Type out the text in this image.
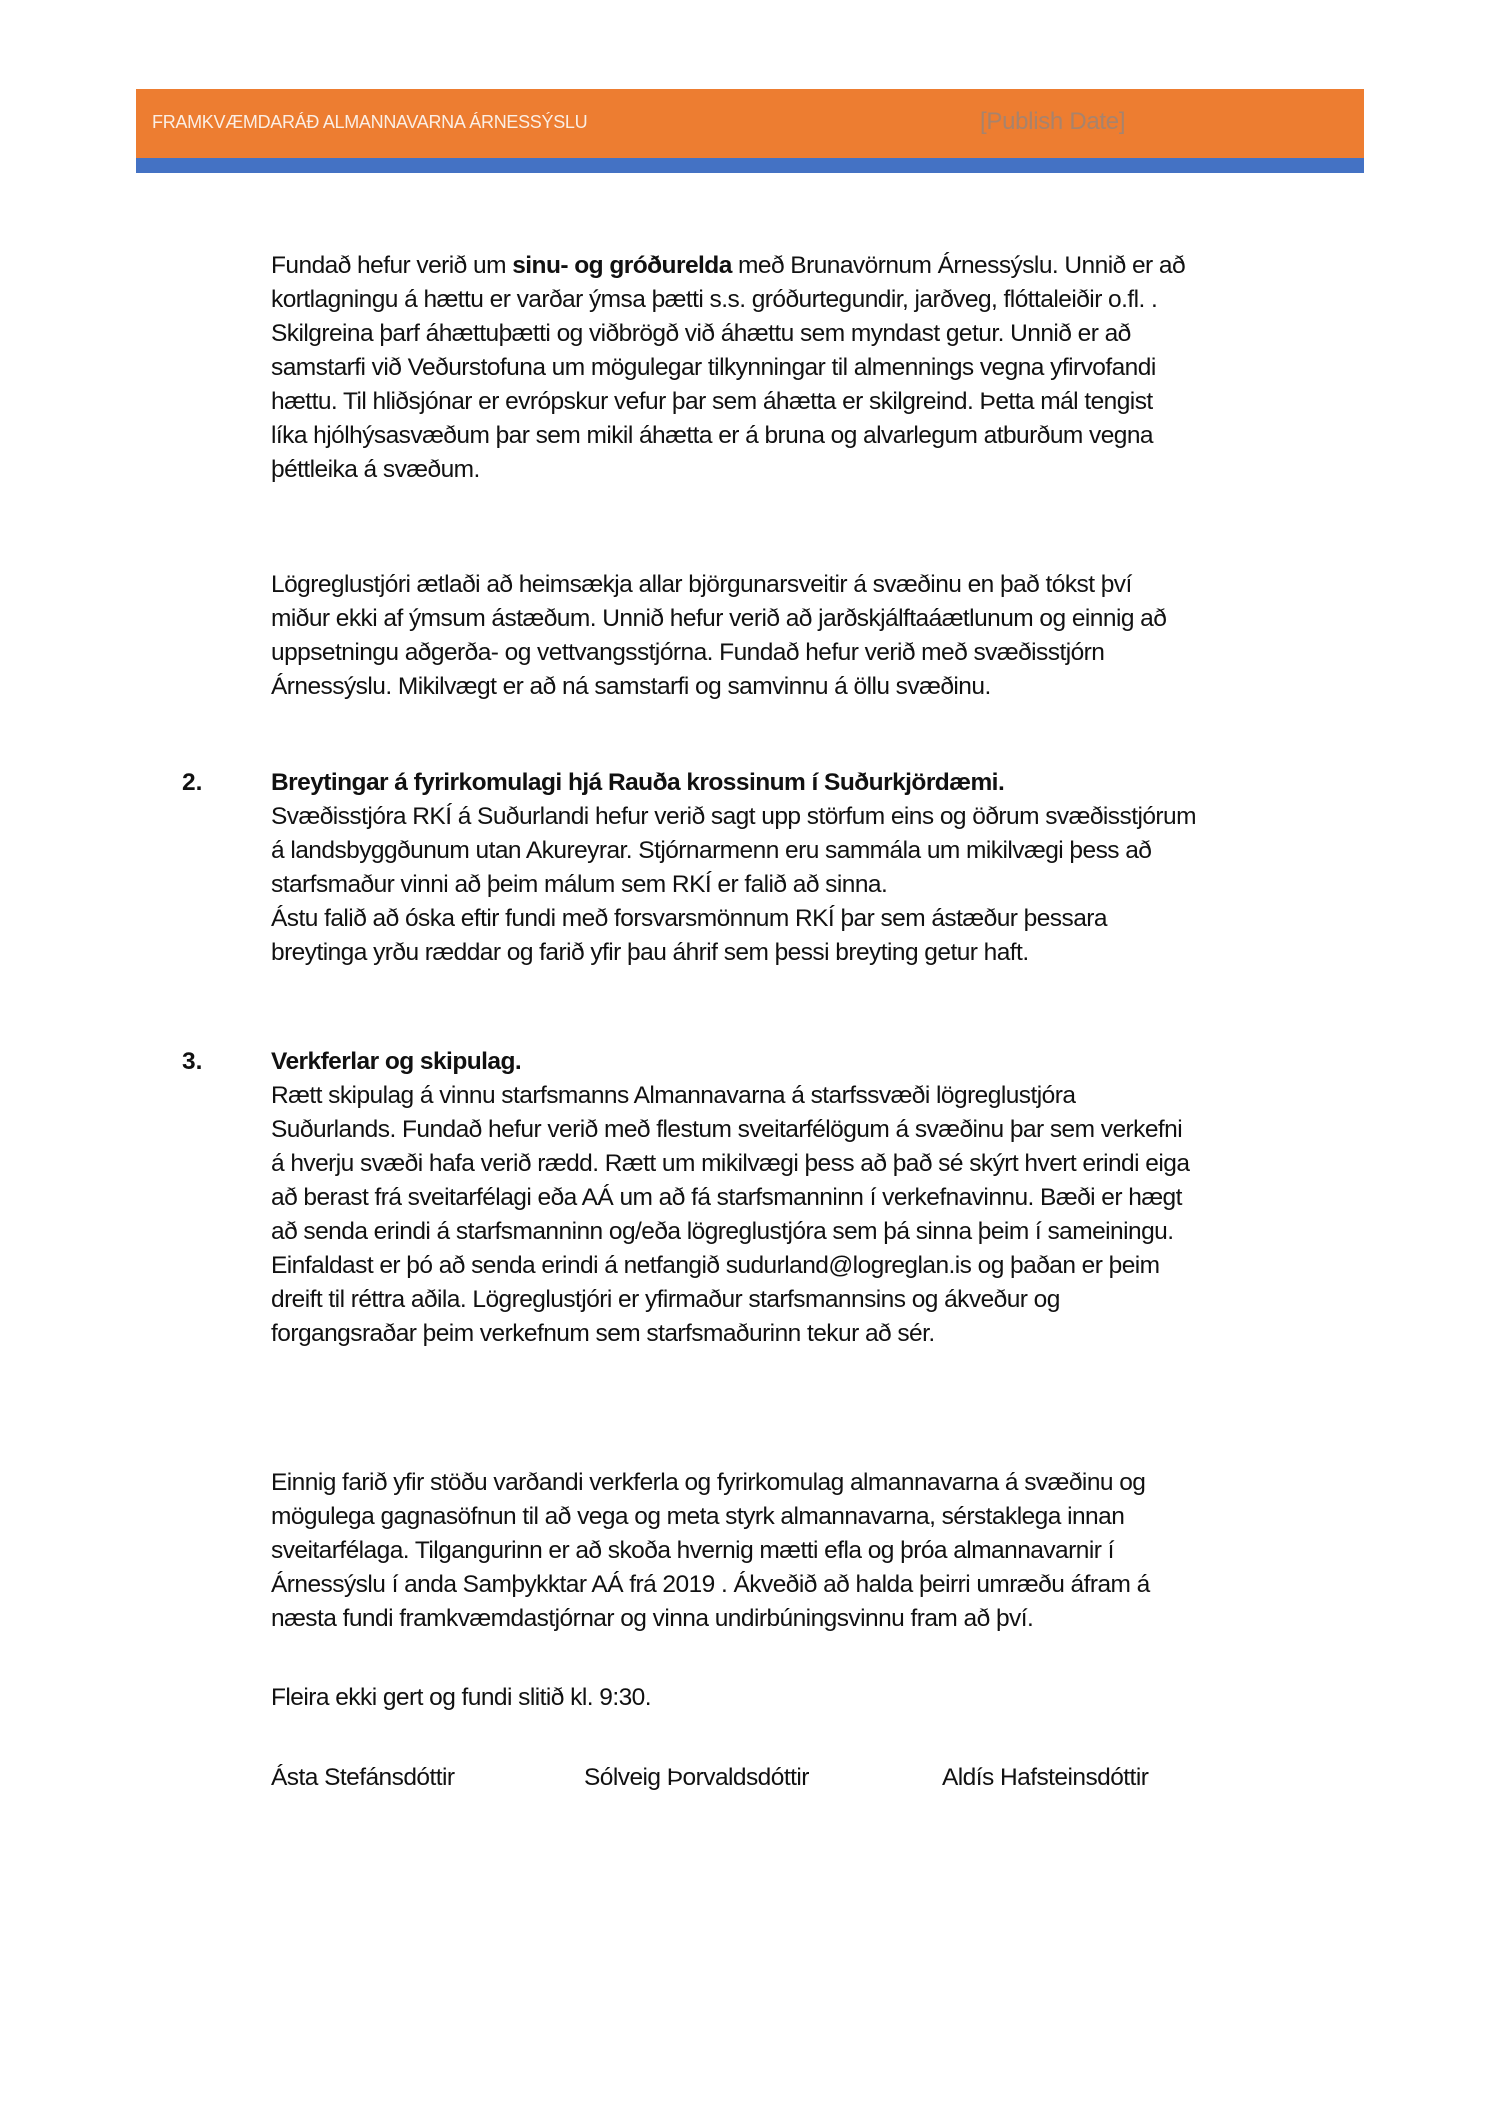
FRAMKVÆMDARÁÐ ALMANNAVARNA ÁRNESSÝSLU	[Publish Date]
Fundað hefur verið um sinu- og gróðurelda með Brunavörnum Árnessýslu. Unnið er að
kortlagningu á hættu er varðar ýmsa þætti s.s. gróðurtegundir, jarðveg, flóttaleiðir o.fl. .
Skilgreina þarf áhættuþætti og viðbrögð við áhættu sem myndast getur. Unnið er að
samstarfi við Veðurstofuna um mögulegar tilkynningar til almennings vegna yfirvofandi
hættu. Til hliðsjónar er evrópskur vefur þar sem áhætta er skilgreind. Þetta mál tengist
líka hjólhýsasvæðum þar sem mikil áhætta er á bruna og alvarlegum atburðum vegna
þéttleika á svæðum.
Lögreglustjóri ætlaði að heimsækja allar björgunarsveitir á svæðinu en það tókst því
miður ekki af ýmsum ástæðum. Unnið hefur verið að jarðskjálftaáætlunum og einnig að
uppsetningu aðgerða- og vettvangsstjórna. Fundað hefur verið með svæðisstjórn
Árnessýslu. Mikilvægt er að ná samstarfi og samvinnu á öllu svæðinu.
2.	Breytingar á fyrirkomulagi hjá Rauða krossinum í Suðurkjördæmi.
Svæðisstjóra RKÍ á Suðurlandi hefur verið sagt upp störfum eins og öðrum svæðisstjórum
á landsbyggðunum utan Akureyrar. Stjórnarmenn eru sammála um mikilvægi þess að
starfsmaður vinni að þeim málum sem RKÍ er falið að sinna.
Ástu falið að óska eftir fundi með forsvarsmönnum RKÍ þar sem ástæður þessara
breytinga yrðu ræddar og farið yfir þau áhrif sem þessi breyting getur haft.
3.	Verkferlar og skipulag.
Rætt skipulag á vinnu starfsmanns Almannavarna á starfssvæði lögreglustjóra
Suðurlands. Fundað hefur verið með flestum sveitarfélögum á svæðinu þar sem verkefni
á hverju svæði hafa verið rædd. Rætt um mikilvægi þess að það sé skýrt hvert erindi eiga
að berast frá sveitarfélagi eða AÁ um að fá starfsmanninn í verkefnavinnu. Bæði er hægt
að senda erindi á starfsmanninn og/eða lögreglustjóra sem þá sinna þeim í sameiningu.
Einfaldast er þó að senda erindi á netfangið sudurland@logreglan.is og þaðan er þeim
dreift til réttra aðila. Lögreglustjóri er yfirmaður starfsmannsins og ákveður og
forgangsraðar þeim verkefnum sem starfsmaðurinn tekur að sér.
Einnig farið yfir stöðu varðandi verkferla og fyrirkomulag almannavarna á svæðinu og
mögulega gagnasöfnun til að vega og meta styrk almannavarna, sérstaklega innan
sveitarfélaga. Tilgangurinn er að skoða hvernig mætti efla og þróa almannavarnir í
Árnessýslu í anda Samþykktar AÁ frá 2019 . Ákveðið að halda þeirri umræðu áfram á
næsta fundi framkvæmdastjórnar og vinna undirbúningsvinnu fram að því.
Fleira ekki gert og fundi slitið kl. 9:30.
Ásta Stefánsdóttir	Sólveig Þorvaldsdóttir	Aldís Hafsteinsdóttir
